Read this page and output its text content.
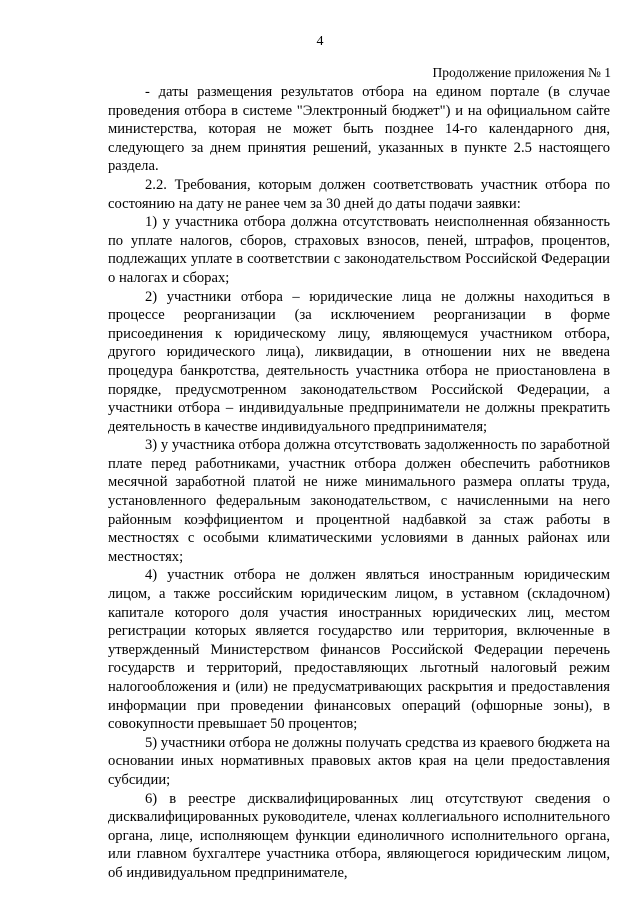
4
Продолжение приложения № 1

- даты размещения результатов отбора на едином портале (в случае проведения отбора в системе "Электронный бюджет") и на официальном сайте министерства, которая не может быть позднее 14-го календарного дня, следующего за днем принятия решений, указанных в пункте 2.5 настоящего раздела.

2.2. Требования, которым должен соответствовать участник отбора по состоянию на дату не ранее чем за 30 дней до даты подачи заявки:

1) у участника отбора должна отсутствовать неисполненная обязанность по уплате налогов, сборов, страховых взносов, пеней, штрафов, процентов, подлежащих уплате в соответствии с законодательством Российской Федерации о налогах и сборах;

2) участники отбора – юридические лица не должны находиться в процессе реорганизации (за исключением реорганизации в форме присоединения к юридическому лицу, являющемуся участником отбора, другого юридического лица), ликвидации, в отношении них не введена процедура банкротства, деятельность участника отбора не приостановлена в порядке, предусмотренном законодательством Российской Федерации, а участники отбора – индивидуальные предприниматели не должны прекратить деятельность в качестве индивидуального предпринимателя;

3) у участника отбора должна отсутствовать задолженность по заработной плате перед работниками, участник отбора должен обеспечить работников месячной заработной платой не ниже минимального размера оплаты труда, установленного федеральным законодательством, с начисленными на него районным коэффициентом и процентной надбавкой за стаж работы в местностях с особыми климатическими условиями в данных районах или местностях;

4) участник отбора не должен являться иностранным юридическим лицом, а также российским юридическим лицом, в уставном (складочном) капитале которого доля участия иностранных юридических лиц, местом регистрации которых является государство или территория, включенные в утвержденный Министерством финансов Российской Федерации перечень государств и территорий, предоставляющих льготный налоговый режим налогообложения и (или) не предусматривающих раскрытия и предоставления информации при проведении финансовых операций (офшорные зоны), в совокупности превышает 50 процентов;

5) участники отбора не должны получать средства из краевого бюджета на основании иных нормативных правовых актов края на цели предоставления субсидии;

6) в реестре дисквалифицированных лиц отсутствуют сведения о дисквалифицированных руководителе, членах коллегиального исполнительного органа, лице, исполняющем функции единоличного исполнительного органа, или главном бухгалтере участника отбора, являющегося юридическим лицом, об индивидуальном предпринимателе,
